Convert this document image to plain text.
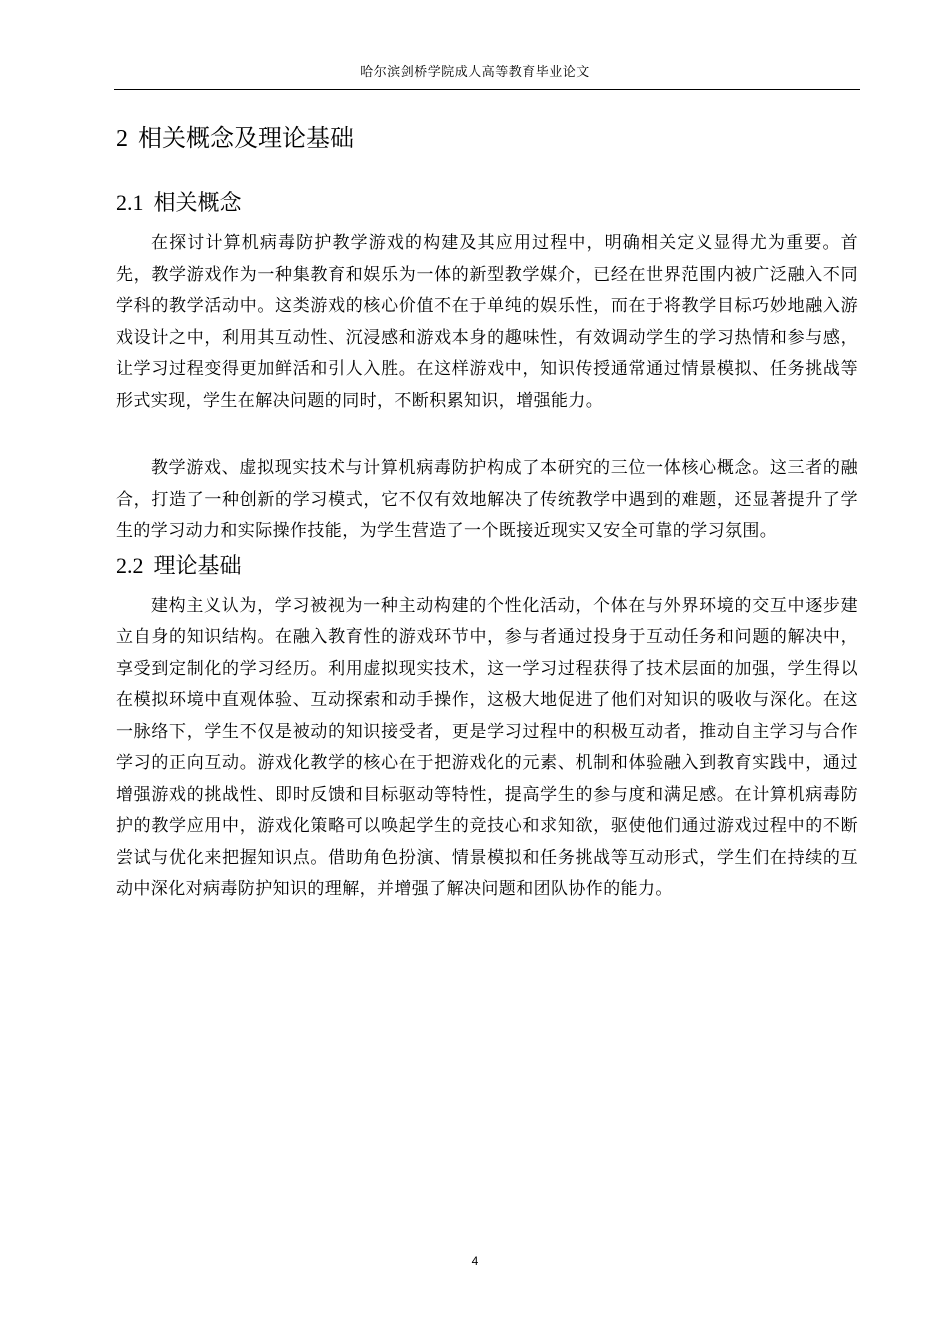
哈尔滨剑桥学院成人高等教育毕业论文
2 相关概念及理论基础
2.1 相关概念

在探讨计算机病毒防护教学游戏的构建及其应用过程中，明确相关定义显得尤为重要。首先，教学游戏作为一种集教育和娱乐为一体的新型教学媒介，已经在世界范围内被广泛融入不同学科的教学活动中。这类游戏的核心价值不在于单纯的娱乐性，而在于将教学目标巧妙地融入游戏设计之中，利用其互动性、沉浸感和游戏本身的趣味性，有效调动学生的学习热情和参与感，让学习过程变得更加鲜活和引人入胜。在这样游戏中，知识传授通常通过情景模拟、任务挑战等形式实现，学生在解决问题的同时，不断积累知识，增强能力。

教学游戏、虚拟现实技术与计算机病毒防护构成了本研究的三位一体核心概念。这三者的融合，打造了一种创新的学习模式，它不仅有效地解决了传统教学中遇到的难题，还显著提升了学生的学习动力和实际操作技能，为学生营造了一个既接近现实又安全可靠的学习氛围。

2.2 理论基础

建构主义认为，学习被视为一种主动构建的个性化活动，个体在与外界环境的交互中逐步建立自身的知识结构。在融入教育性的游戏环节中，参与者通过投身于互动任务和问题的解决中，享受到定制化的学习经历。利用虚拟现实技术，这一学习过程获得了技术层面的加强，学生得以在模拟环境中直观体验、互动探索和动手操作，这极大地促进了他们对知识的吸收与深化。在这一脉络下，学生不仅是被动的知识接受者，更是学习过程中的积极互动者，推动自主学习与合作学习的正向互动。游戏化教学的核心在于把游戏化的元素、机制和体验融入到教育实践中，通过增强游戏的挑战性、即时反馈和目标驱动等特性，提高学生的参与度和满足感。在计算机病毒防护的教学应用中，游戏化策略可以唤起学生的竞技心和求知欲，驱使他们通过游戏过程中的不断尝试与优化来把握知识点。借助角色扮演、情景模拟和任务挑战等互动形式，学生们在持续的互动中深化对病毒防护知识的理解，并增强了解决问题和团队协作的能力。

4
